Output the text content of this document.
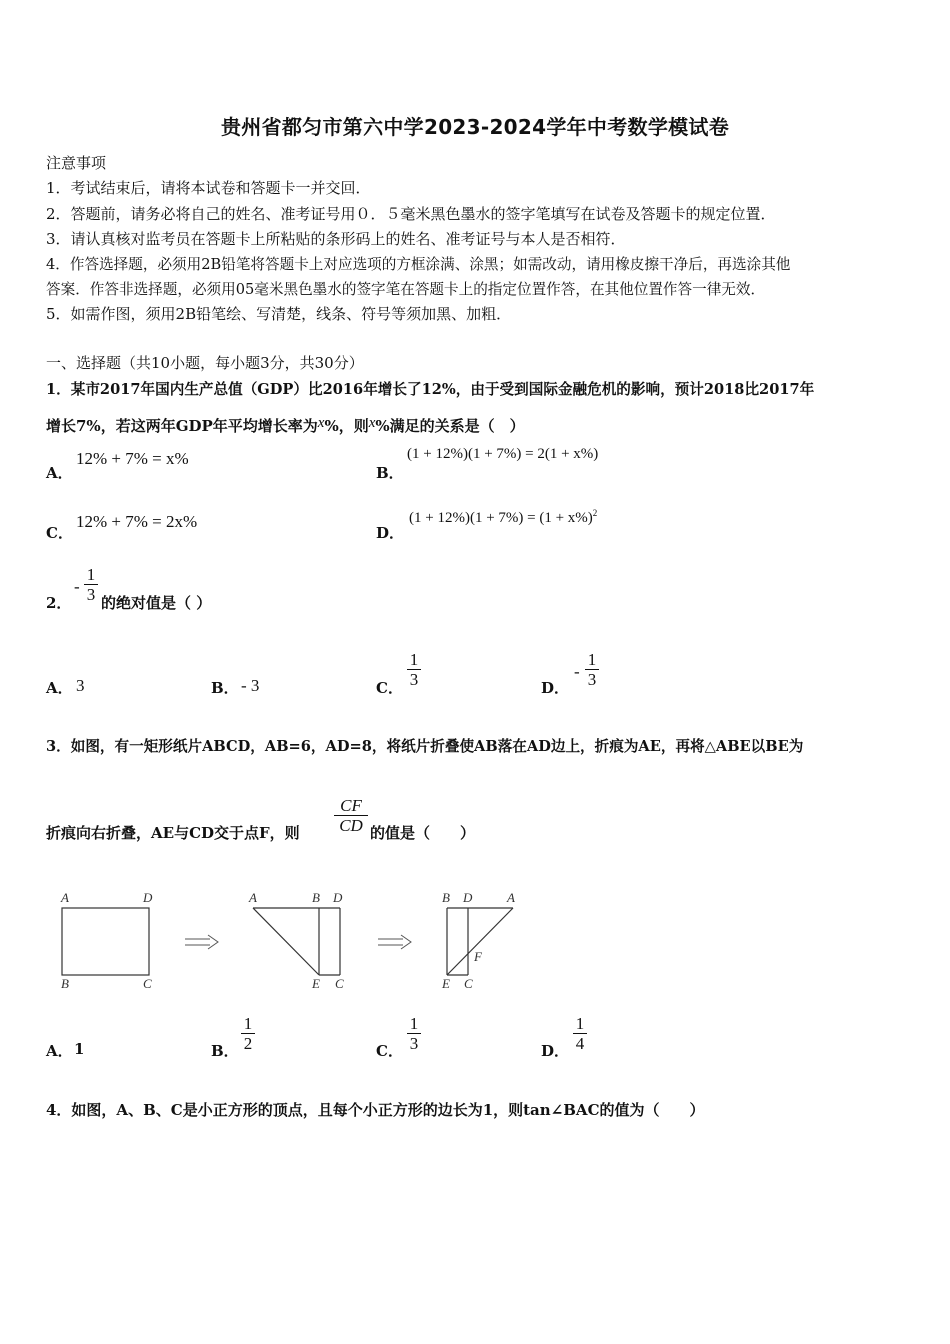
贵州省都匀市第六中学2023-2024学年中考数学模试卷
注意事项
1．考试结束后，请将本试卷和答题卡一并交回．
2．答题前，请务必将自己的姓名、准考证号用０．５毫米黑色墨水的签字笔填写在试卷及答题卡的规定位置．
3．请认真核对监考员在答题卡上所粘贴的条形码上的姓名、准考证号与本人是否相符．
4．作答选择题，必须用2B铅笔将答题卡上对应选项的方框涂满、涂黑；如需改动，请用橡皮擦干净后，再选涂其他
答案．作答非选择题，必须用05毫米黑色墨水的签字笔在答题卡上的指定位置作答，在其他位置作答一律无效．
5．如需作图，须用2B铅笔绘、写清楚，线条、符号等须加黑、加粗．
一、选择题（共10小题，每小题3分，共30分）
1．某市2017年国内生产总值（GDP）比2016年增长了12%，由于受到国际金融危机的影响，预计2018比2017年
增长7%，若这两年GDP年平均增长率为x%，则x%满足的关系是（　）
A．
12% + 7% = x%
B．
(1 + 12%)(1 + 7%) = 2(1 + x%)
C．
12% + 7% = 2x%
D．
$(1 + 12\%)(1 + 7\%) = (1 + x\%)^2$
2．
-
1
3 的绝对值是（ ）
A． 3	B． - 3	C．
1
3	D．
-
1
3
3．如图，有一矩形纸片ABCD，AB=6，AD=8，将纸片折叠使AB落在AD边上，折痕为AE，再将△ABE以BE为
折痕向右折叠，AE与CD交于点F，则
CF
CD 的值是（　　）
A	D
B	C
A	B D
E C
B D	A
F
E C
A． 1	B．
1
2	C．
1
3	D．
1
4
4．如图，A、B、C是小正方形的顶点，且每个小正方形的边长为1，则tan∠BAC的值为（　　）
